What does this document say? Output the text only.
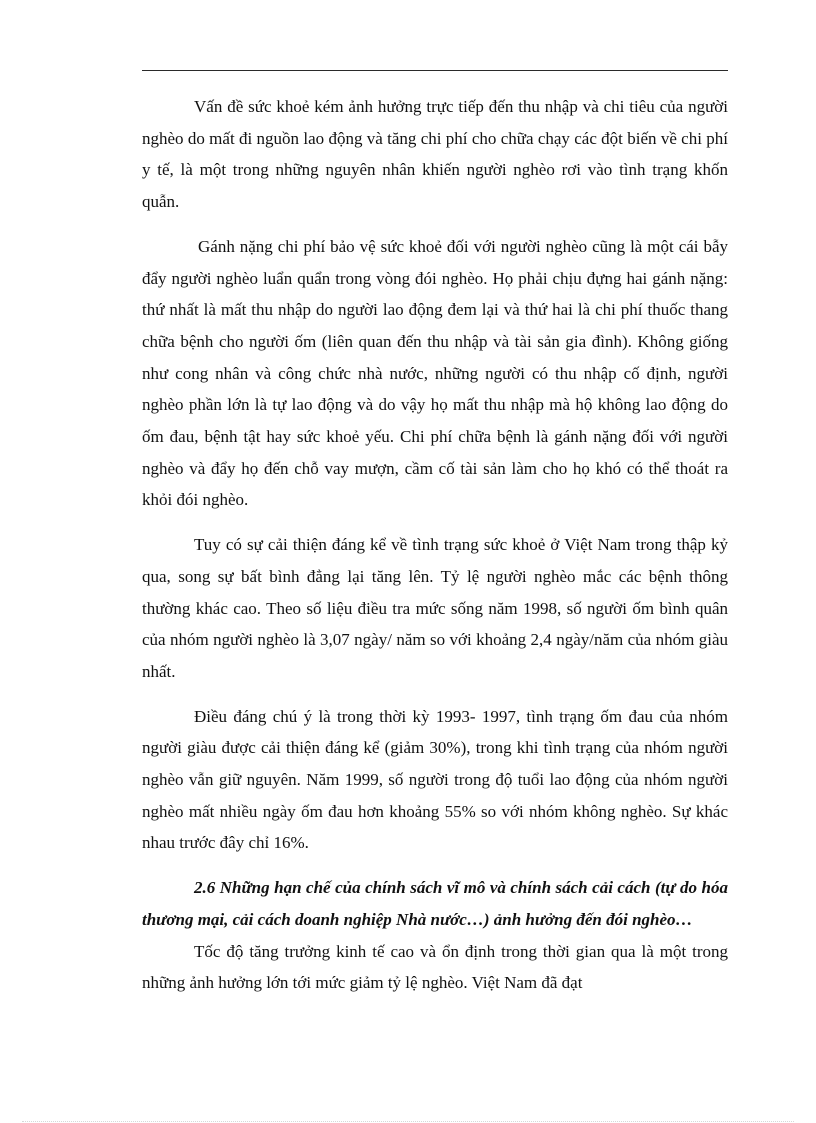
Vấn đề sức khoẻ kém ảnh hưởng trực tiếp đến thu nhập và chi tiêu của người nghèo do mất đi nguồn lao động và tăng chi phí cho chữa chạy các đột biến về chi phí y tế, là một trong những nguyên nhân khiến người nghèo rơi vào tình trạng khốn quẫn.

Gánh nặng chi phí bảo vệ sức khoẻ đối với người nghèo cũng là một cái bẫy đẩy người nghèo luẩn quẩn trong vòng đói nghèo. Họ phải chịu đựng hai gánh nặng: thứ nhất là mất thu nhập do người lao động đem lại và thứ hai là chi phí thuốc thang chữa bệnh cho người ốm (liên quan đến thu nhập và tài sản gia đình). Không giống như cong nhân và công chức nhà nước, những người có thu nhập cố định, người nghèo phần lớn là tự lao động và do vậy họ mất thu nhập mà hộ không lao động do ốm đau, bệnh tật hay sức khoẻ yếu. Chi phí chữa bệnh là gánh nặng đối với người nghèo và đẩy họ đến chỗ vay mượn, cầm cố tài sản làm cho họ khó có thể thoát ra khỏi đói nghèo.

Tuy có sự cải thiện đáng kể về tình trạng sức khoẻ ở Việt Nam trong thập kỷ qua, song sự bất bình đẳng lại tăng lên. Tỷ lệ người nghèo mắc các bệnh thông thường khác cao. Theo số liệu điều tra mức sống năm 1998, số người ốm bình quân của nhóm người nghèo là 3,07 ngày/ năm so với khoảng 2,4 ngày/năm của nhóm giàu nhất.

Điều đáng chú ý là trong thời kỳ 1993- 1997, tình trạng ốm đau của nhóm người giàu được cải thiện đáng kể (giảm 30%), trong khi tình trạng của nhóm người nghèo vẫn giữ nguyên. Năm 1999, số người trong độ tuổi lao động của nhóm người nghèo mất nhiều ngày ốm đau hơn khoảng 55% so với nhóm không nghèo. Sự khác nhau trước đây chỉ 16%.

2.6 Những hạn chế của chính sách vĩ mô và chính sách cải cách (tự do hóa thương mại, cải cách doanh nghiệp Nhà nước…) ảnh hưởng đến đói nghèo…

Tốc độ tăng trưởng kinh tế cao và ổn định trong thời gian qua là một trong những ảnh hưởng lớn tới mức giảm tỷ lệ nghèo. Việt Nam đã đạt
